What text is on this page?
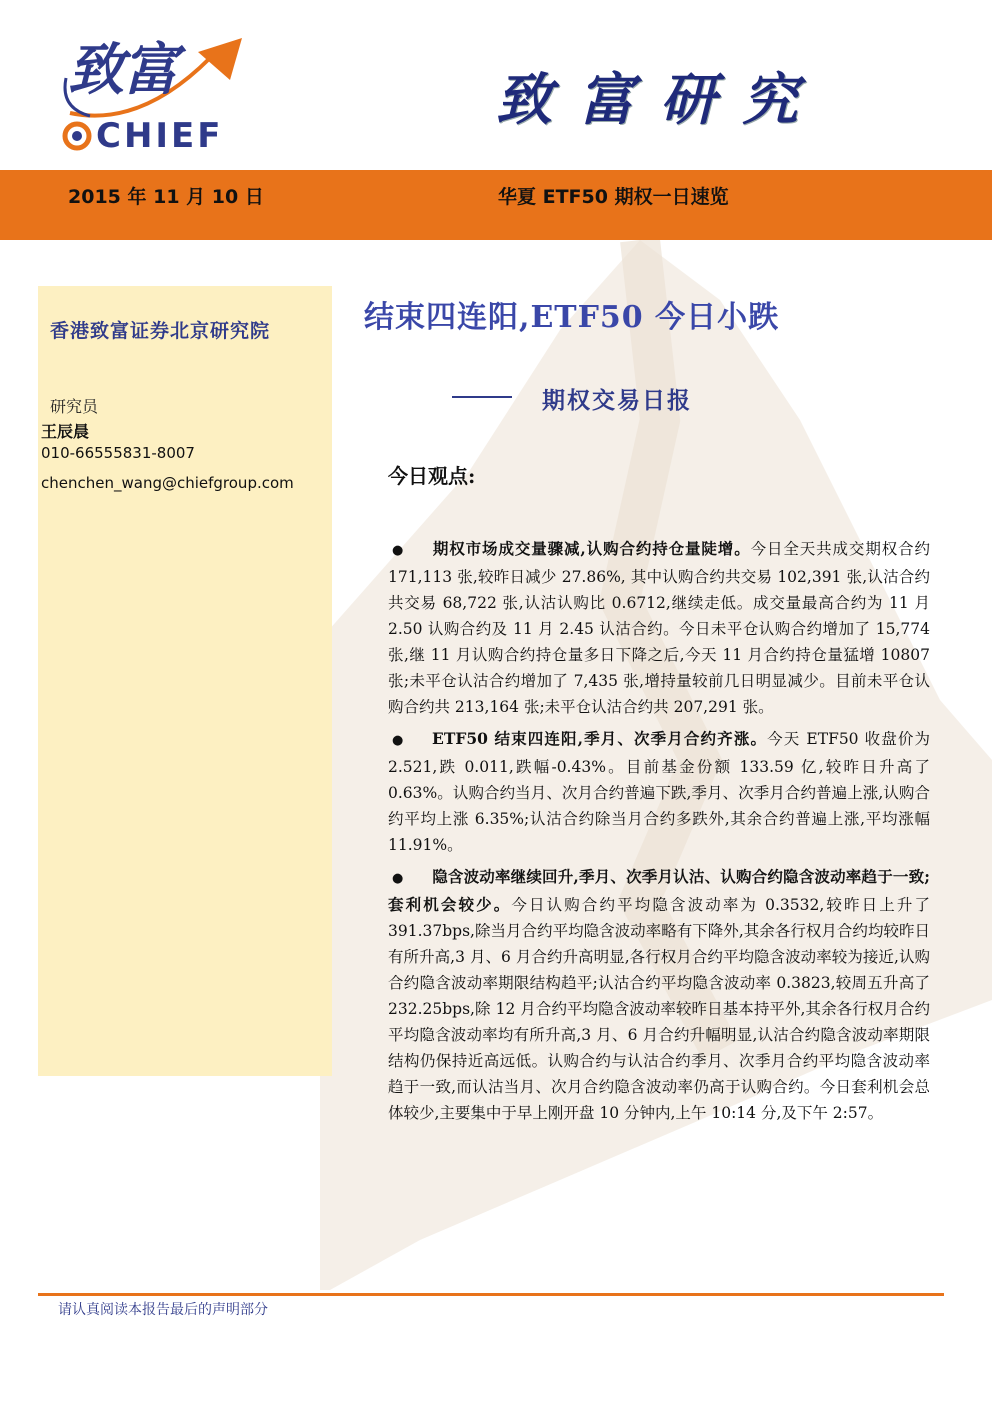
致富
CHIEF
致富研究
2015 年 11 月 10 日	华夏 ETF50 期权一日速览
香港致富证券北京研究院
研究员
王辰晨
010-66555831-8007
chenchen_wang@chiefgroup.com
结束四连阳,ETF50 今日小跌
期权交易日报
今日观点:

●期权市场成交量骤减,认购合约持仓量陡增。今日全天共成交期权合约 171,113 张,较昨日减少 27.86%, 其中认购合约共交易 102,391 张,认沽合约共交易 68,722 张,认沽认购比 0.6712,继续走低。成交量最高合约为 11 月 2.50 认购合约及 11 月 2.45 认沽合约。今日未平仓认购合约增加了 15,774 张,继 11 月认购合约持仓量多日下降之后,今天 11 月合约持仓量猛增 10807 张;未平仓认沽合约增加了 7,435 张,增持量较前几日明显减少。目前未平仓认购合约共 213,164 张;未平仓认沽合约共 207,291 张。

●ETF50 结束四连阳,季月、次季月合约齐涨。今天 ETF50 收盘价为 2.521,跌 0.011,跌幅-0.43%。目前基金份额 133.59 亿,较昨日升高了 0.63%。认购合约当月、次月合约普遍下跌,季月、次季月合约普遍上涨,认购合约平均上涨 6.35%;认沽合约除当月合约多跌外,其余合约普遍上涨,平均涨幅 11.91%。

●隐含波动率继续回升,季月、次季月认沽、认购合约隐含波动率趋于一致;套利机会较少。今日认购合约平均隐含波动率为 0.3532,较昨日上升了 391.37bps,除当月合约平均隐含波动率略有下降外,其余各行权月合约均较昨日有所升高,3 月、6 月合约升高明显,各行权月合约平均隐含波动率较为接近,认购合约隐含波动率期限结构趋平;认沽合约平均隐含波动率 0.3823,较周五升高了 232.25bps,除 12 月合约平均隐含波动率较昨日基本持平外,其余各行权月合约平均隐含波动率均有所升高,3 月、6 月合约升幅明显,认沽合约隐含波动率期限结构仍保持近高远低。认购合约与认沽合约季月、次季月合约平均隐含波动率趋于一致,而认沽当月、次月合约隐含波动率仍高于认购合约。今日套利机会总体较少,主要集中于早上刚开盘 10 分钟内,上午 10:14 分,及下午 2:57。

请认真阅读本报告最后的声明部分
